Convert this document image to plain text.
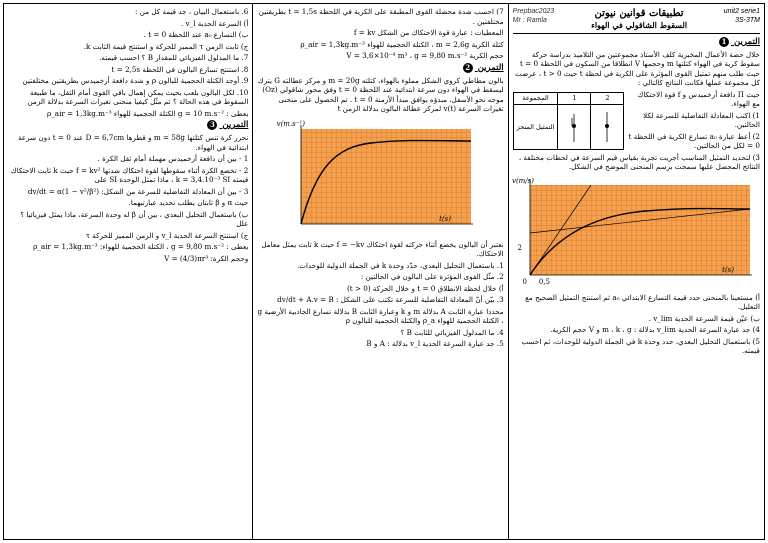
6. باستعمال البيان ، جد قيمة كل من :
أ) السرعة الحدية v_l .
ب) التسارع a₀ عند اللحظة t = 0 .
ج) ثابت الزمن τ المميز للحركة و استنتج قيمة الثابت k.
7. ما المدلول الفيزيائي للمقدار B ؟ احسب قيمته.
8. استنتج تسارع البالون في اللحظة t = 2,5s
9. أوجد الكتلة الحجمية للبالون ρ و شدة دافعة أرخميدس بطريقتين مختلفتين
10. لكل البالون بلعب بحيث يمكن إهمال باقي القوى أمام الثقل، ما طبيعة السقوط في هذه الحالة ؟ ثم مثّل كيفيا منحنى تغيرات السرعة بدلالة الزمن
يعطى : g = 10 m.s⁻² الكتلة الحجمية للهواء ρ_air = 1,3kg.m⁻³
التمرين 3
نحرر كرة تنس كتلتها m = 58g و قطرها D = 6,7cm عند t = 0 دون سرعة ابتدائية في الهواء.
1 - بين أن دافعة أرخميدس مهملة أمام ثقل الكرة .
2 - تخضع الكرة أثناء سقوطها لقوة احتكاك شدتها f = kv² حيث k ثابت الاحتكاك قيمته k = 3,4.10⁻³ SI ، ماذا تمثل الوحدة SI على
3 - بين أن المعادلة التفاضلية للسرعة من الشكل: dv/dt = α(1 − v²/β²)
حيث α و β ثابتان يطلب تحديد عبارتيهما.
ب) باستعمال التحليل البعدي ، بين أن β له وحدة السرعة، ماذا يمثل فيزيائيا ؟ علل
ج) استنتج السرعة الحدية v_l و الزمن المميز للحركة τ
يعطى : g = 9,80 m.s⁻² ، الكتلة الحجمية للهواء: ρ_air = 1,3kg.m⁻³
وحجم الكرة: V = (4/3)πr³
7) احسب شدة محصلة القوى المطبقة على الكرية في اللحظة t = 1,5s بطريقتين مختلفتين .
المعطيات : عبارة قوة الاحتكاك من الشكل f = kv
كتلة الكرية m = 2,6g ، الكتلة الحجمية للهواء ρ_air = 1,3kg.m⁻³
حجم الكرية V = 3,6×10⁻⁴ m³ ، g = 9,80 m.s⁻²
التمرين 2
بالون مطاطي كروي الشكل مملوء بالهواء، كتلته m = 20g و مركز عطالته G يترك ليسقط في الهواء دون سرعة ابتدائية عند اللحظة t = 0 وفق محور شاقولي (Oz) موجه نحو الأسفل، مبدؤه يوافق مبدأ الأزمنة t = 0 . تم الحصول على منحنى تغيرات السرعة v(t) لمركز عطالة البالون بدلالة الزمن t
v(m.s⁻¹)
t(s)
نعتبر أن البالون يخضع أثناء حركته لقوة احتكاك f = −kv حيث k ثابت يمثل معامل الاحتكاك.
1. باستعمال التحليل البعدي، حدّد وحدة k في الجملة الدولية للوحدات.
2. مثّل القوى المؤثرة على البالون في الحالتين :
أ) خلال لحظة الانطلاق t = 0 و خلال الحركة (t > 0)
3. بيّن أنّ المعادلة التفاضلية للسرعة تكتب على الشكل : dv/dt + A.v = B
محددا عبارة الثابت A بدلالة m و k وعبارة الثابت B بدلالة تسارع الجاذبية الأرضية g ، الكتلة الحجمية للهواء ρ_a والكتلة الحجمية للبالون ρ
4. ما المدلول الفيزيائي للثابت B ؟
5. جد عبارة السرعة الحدية v_l بدلالة : A و B
Prepbac2023
Mr : Ramla
تطبيقات قوانين نيوتن
السقوط الشاقولي في الهواء
unit2 serie1
3S-3TM
التمرين 1
خلال حصة الأعمال المخبرية كلف الأستاذ مجموعتين من التلاميذ بدراسة حركة سقوط كرية في الهواء كتلتها m وحجمها V انطلاقا من السكون في اللحظة t = 0 حيث طلب منهم تمثيل القوى المؤثرة على الكرية في لحظة t حيث t > 0 ، عرضت كل مجموعة عملها فكانت النتائج كالتالي :
2	1	المجموعة
		التمثيل المنجز
حيث Π دافعة أرخميدس و f قوة الاحتكاك مع الهواء.
1) اكتب المعادلة التفاضلية للسرعة لكلا الحالتين.
2) أعط عبارة a₀ تسارع الكرية في اللحظة t = 0 لكل من الحالتين.
3) لتحديد التمثيل المناسب أجريت تجربة بقياس قيم السرعة في لحظات مختلفة ، النتائج المحصل عليها سمحت برسم المنحنى الموضح في الشكل.
v(m/s)
t(s)
2
0 0,5
أ) مستعينا بالمنحنى حدد قيمة التسارع الابتدائي a₀ ثم استنتج التمثيل الصحيح مع التعليل.
ب) عيّن قيمة السرعة الحدية v_lim .
4) جد عبارة السرعة الحدية v_lim بدلالة : m ، k ، g و V حجم الكرية.
5) باستعمال التحليل البعدي، حدد وحدة k في الجملة الدولية للوحدات، ثم احسب قيمته.
